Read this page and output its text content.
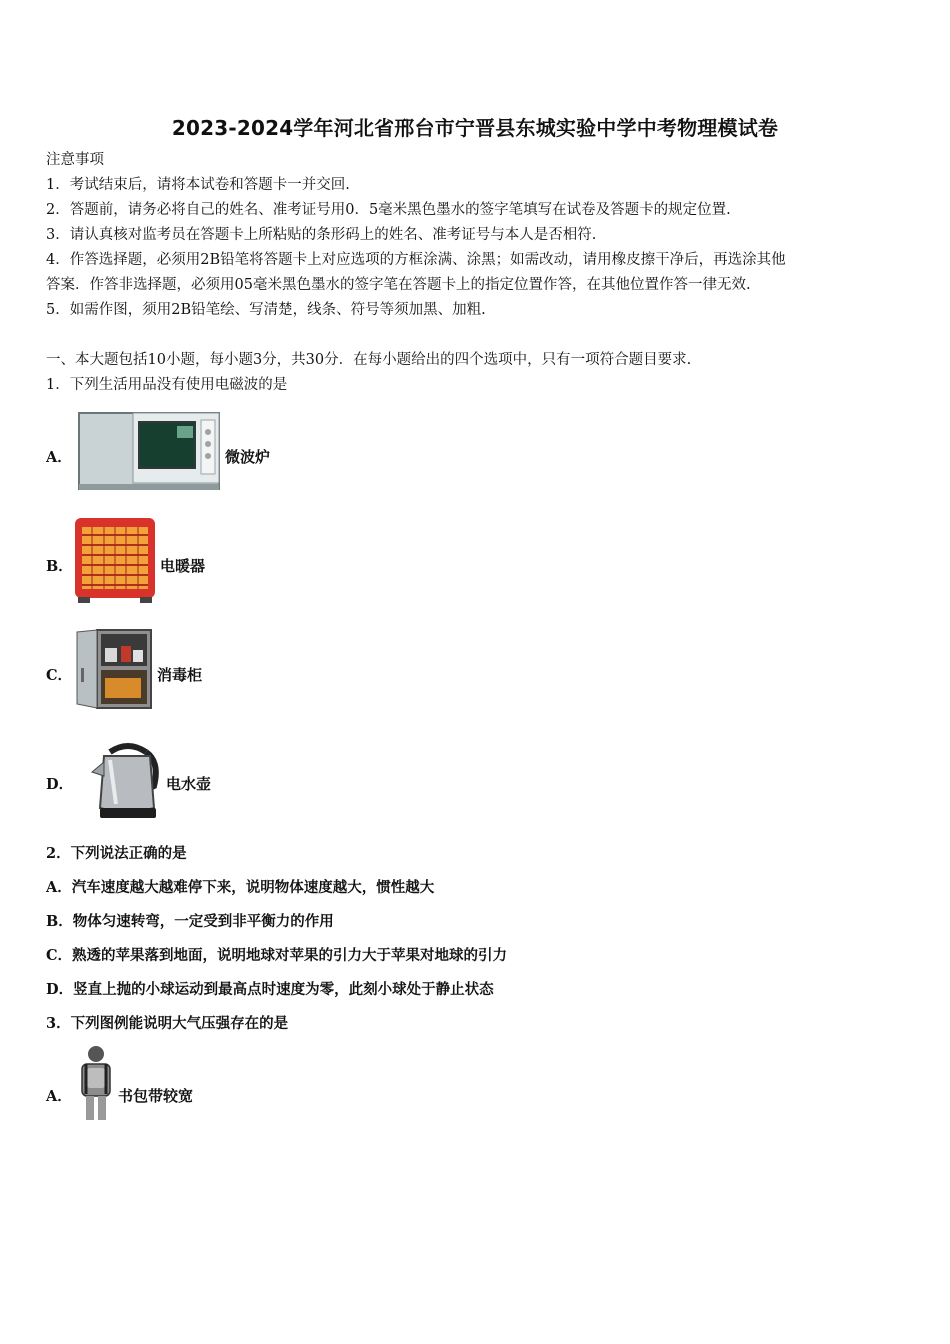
2023-2024学年河北省邢台市宁晋县东城实验中学中考物理模试卷
注意事项
1．考试结束后，请将本试卷和答题卡一并交回.
2．答题前，请务必将自己的姓名、准考证号用0．5毫米黑色墨水的签字笔填写在试卷及答题卡的规定位置.
3．请认真核对监考员在答题卡上所粘贴的条形码上的姓名、准考证号与本人是否相符.
4．作答选择题，必须用2B铅笔将答题卡上对应选项的方框涂满、涂黑；如需改动，请用橡皮擦干净后，再选涂其他
答案．作答非选择题，必须用05毫米黑色墨水的签字笔在答题卡上的指定位置作答，在其他位置作答一律无效.
5．如需作图，须用2B铅笔绘、写清楚，线条、符号等须加黑、加粗.
一、本大题包括10小题，每小题3分，共30分．在每小题给出的四个选项中，只有一项符合题目要求.
1．下列生活用品没有使用电磁波的是
A．	微波炉
B．	电暖器
C．	消毒柜
D．	电水壶
2．下列说法正确的是
A．汽车速度越大越难停下来，说明物体速度越大，惯性越大
B．物体匀速转弯，一定受到非平衡力的作用
C．熟透的苹果落到地面，说明地球对苹果的引力大于苹果对地球的引力
D．竖直上抛的小球运动到最高点时速度为零，此刻小球处于静止状态
3．下列图例能说明大气压强存在的是
A．	书包带较宽
